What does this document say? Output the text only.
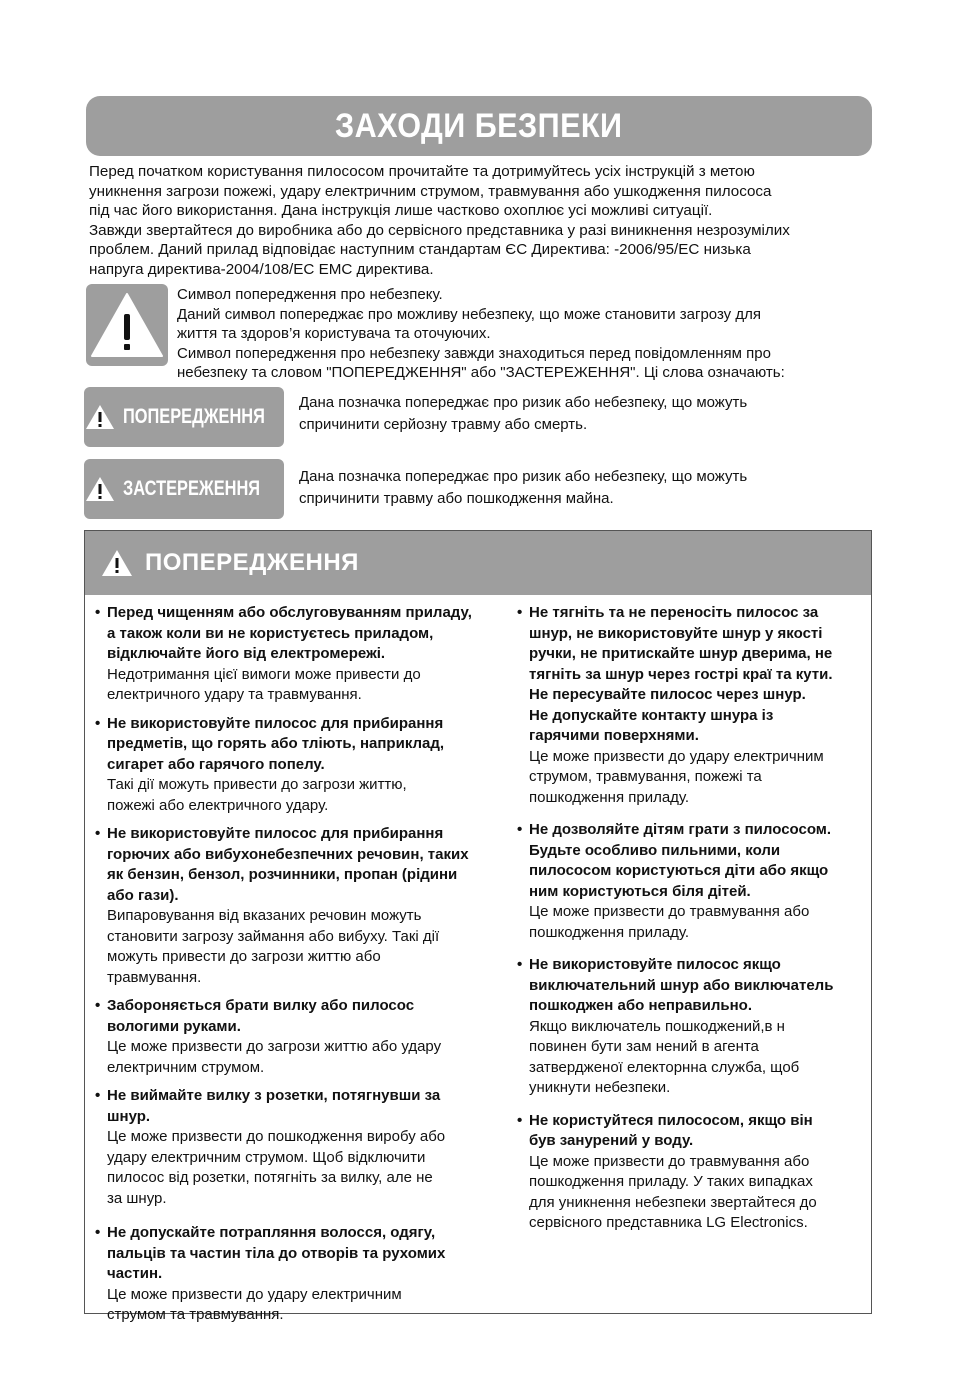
ЗАХОДИ БЕЗПЕКИ

Перед початком користування пилососом прочитайте та дотримуйтесь усіх інструкцій з метою

уникнення загрози пожежі, удару електричним струмом, травмування або ушкодження пилососа

під час його використання. Дана інструкція лише частково охоплює усі можливі ситуації.

Завжди звертайтеся до виробника або до сервісного представника у разі виникнення незрозумілих

проблем. Даний прилад відповідає наступним стандартам ЄС Директива: -2006/95/EC низька

напруга директива-2004/108/EC EMC директива.

Символ попередження про небезпеку.

Даний символ попереджає про можливу небезпеку, що може становити загрозу для

життя та здоров’я користувача та оточуючих.

Символ попередження про небезпеку завжди знаходиться перед повідомленням про

небезпеку та словом "ПОПЕРЕДЖЕННЯ" або "ЗАСТЕРЕЖЕННЯ". Ці слова означають:

ПОПЕРЕДЖЕННЯ

Дана позначка попереджає про ризик або небезпеку, що можуть

спричинити серйозну травму або смерть.

ЗАСТЕРЕЖЕННЯ

Дана позначка попереджає про ризик або небезпеку, що можуть

спричинити травму або пошкодження майна.

ПОПЕРЕДЖЕННЯ
• Перед чищенням або обслуговуванням приладу,

а також коли ви не користуєтесь приладом,

відключайте його від електромережі.

Недотримання цієї вимоги може привести до

електричного удару та травмування.

• Не використовуйте пилосос для прибирання

предметів, що горять або тліють, наприклад,

сигарет або гарячого попелу.

Такі дії можуть привести до загрози життю,

пожежі або електричного удару.

• Не використовуйте пилосос для прибирання

горючих або вибухонебезпечних речовин, таких

як бензин, бензол, розчинники, пропан (рідини

або гази).

Випаровування від вказаних речовин можуть

становити загрозу займання або вибуху. Такі дії

можуть привести до загрози життю або

травмування.

• Забороняється брати вилку або пилосос

вологими руками.

Це може призвести до загрози життю або удару

електричним струмом.

• Не виймайте вилку з розетки, потягнувши за

шнур.

Це може призвести до пошкодження виробу або

удару електричним струмом. Щоб відключити

пилосос від розетки, потягніть за вилку, але не

за шнур.

• Не допускайте потрапляння волосся, одягу,

пальців та частин тіла до отворів та рухомих

частин.

Це може призвести до удару електричним

струмом та травмування.

• Не тягніть та не переносіть пилосос за

шнур, не використовуйте шнур у якості

ручки, не притискайте шнур дверима, не

тягніть за шнур через гострі краї та кути.

Не пересувайте пилосос через шнур.

Не допускайте контакту шнура із

гарячими поверхнями.

Це може призвести до удару електричним

струмом, травмування, пожежі та

пошкодження приладу.

• Не дозволяйте дітям грати з пилососом.

Будьте особливо пильними, коли

пилососом користуються діти або якщо

ним користуються біля дітей.

Це може призвести до травмування або

пошкодження приладу.

• Не використовуйте пилосос якщо

виключательний шнур або виключатель

пошкоджен або неправильно.

Якщо виключатель пошкоджений,в н

повинен бути зам нений в агента

затвердженої електорнна служба, щоб

уникнути небезпеки.

• Не користуйтеся пилососом, якщо він

був занурений у воду.

Це може призвести до травмування або

пошкодження приладу. У таких випадках

для уникнення небезпеки звертайтеся до

сервісного представника LG Electronics.
